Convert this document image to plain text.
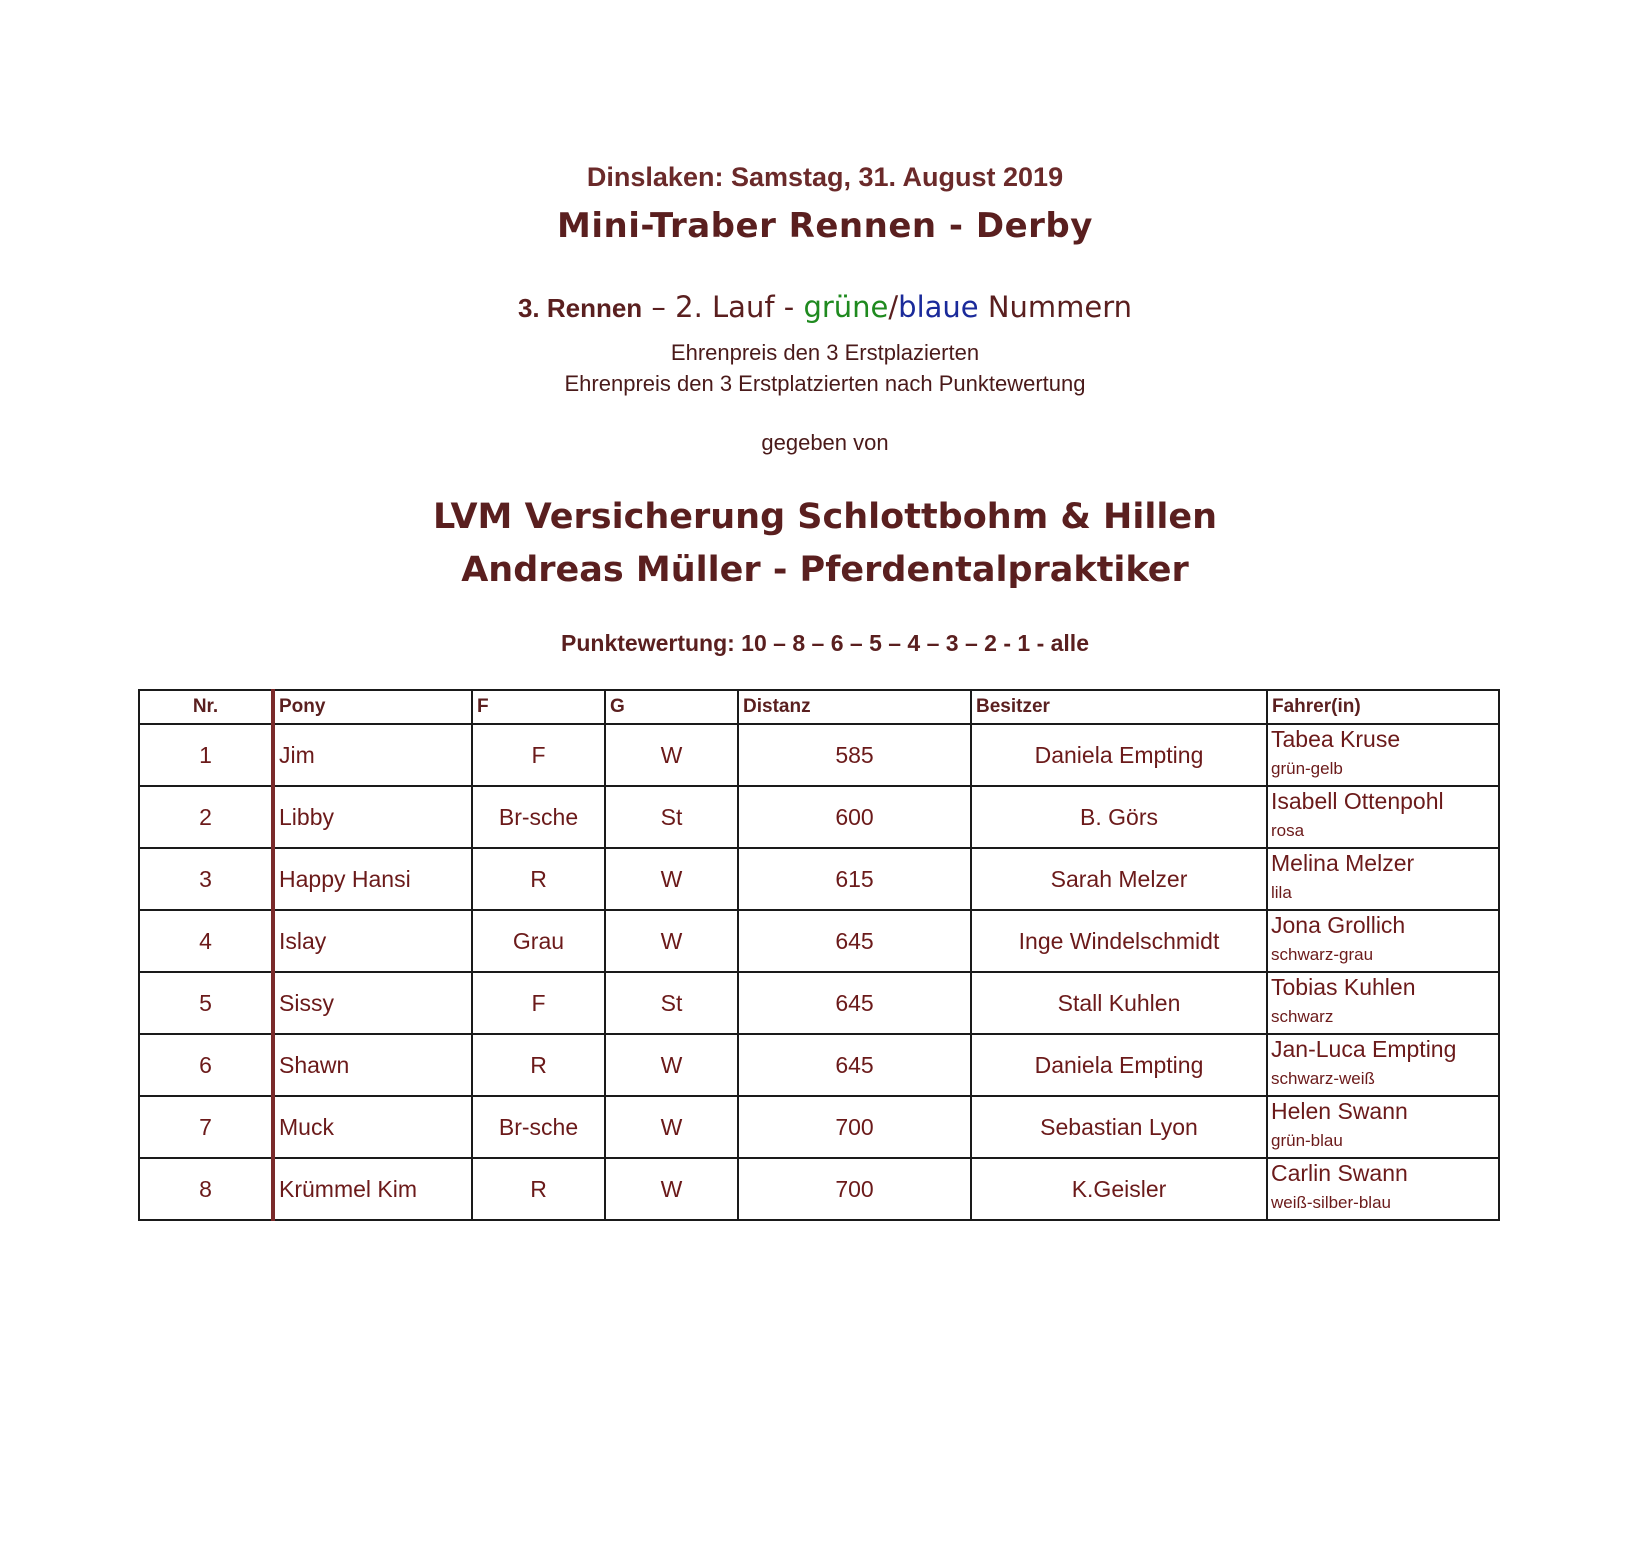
Dinslaken: Samstag, 31. August 2019
Mini-Traber Rennen - Derby
3. Rennen – 2. Lauf - grüne/blaue Nummern
Ehrenpreis den 3 Erstplazierten
Ehrenpreis den 3 Erstplatzierten nach Punktewertung
gegeben von
LVM Versicherung Schlottbohm & Hillen
Andreas Müller - Pferdentalpraktiker
Punktewertung: 10 – 8 – 6 – 5 – 4 – 3 – 2 - 1 - alle
Nr.	Pony	F	G	Distanz	Besitzer	Fahrer(in)
1	Jim	F	W	585	Daniela Empting	Tabea Kruse
grün-gelb

2	Libby	Br-sche	St	600	B. Görs	Isabell Ottenpohl
rosa

3	Happy Hansi	R	W	615	Sarah Melzer	Melina Melzer
lila

4	Islay	Grau	W	645	Inge Windelschmidt	Jona Grollich
schwarz-grau

5	Sissy	F	St	645	Stall Kuhlen	Tobias Kuhlen
schwarz

6	Shawn	R	W	645	Daniela Empting	Jan-Luca Empting
schwarz-weiß

7	Muck	Br-sche	W	700	Sebastian Lyon	Helen Swann
grün-blau

8	Krümmel Kim	R	W	700	K.Geisler	Carlin Swann
weiß-silber-blau
